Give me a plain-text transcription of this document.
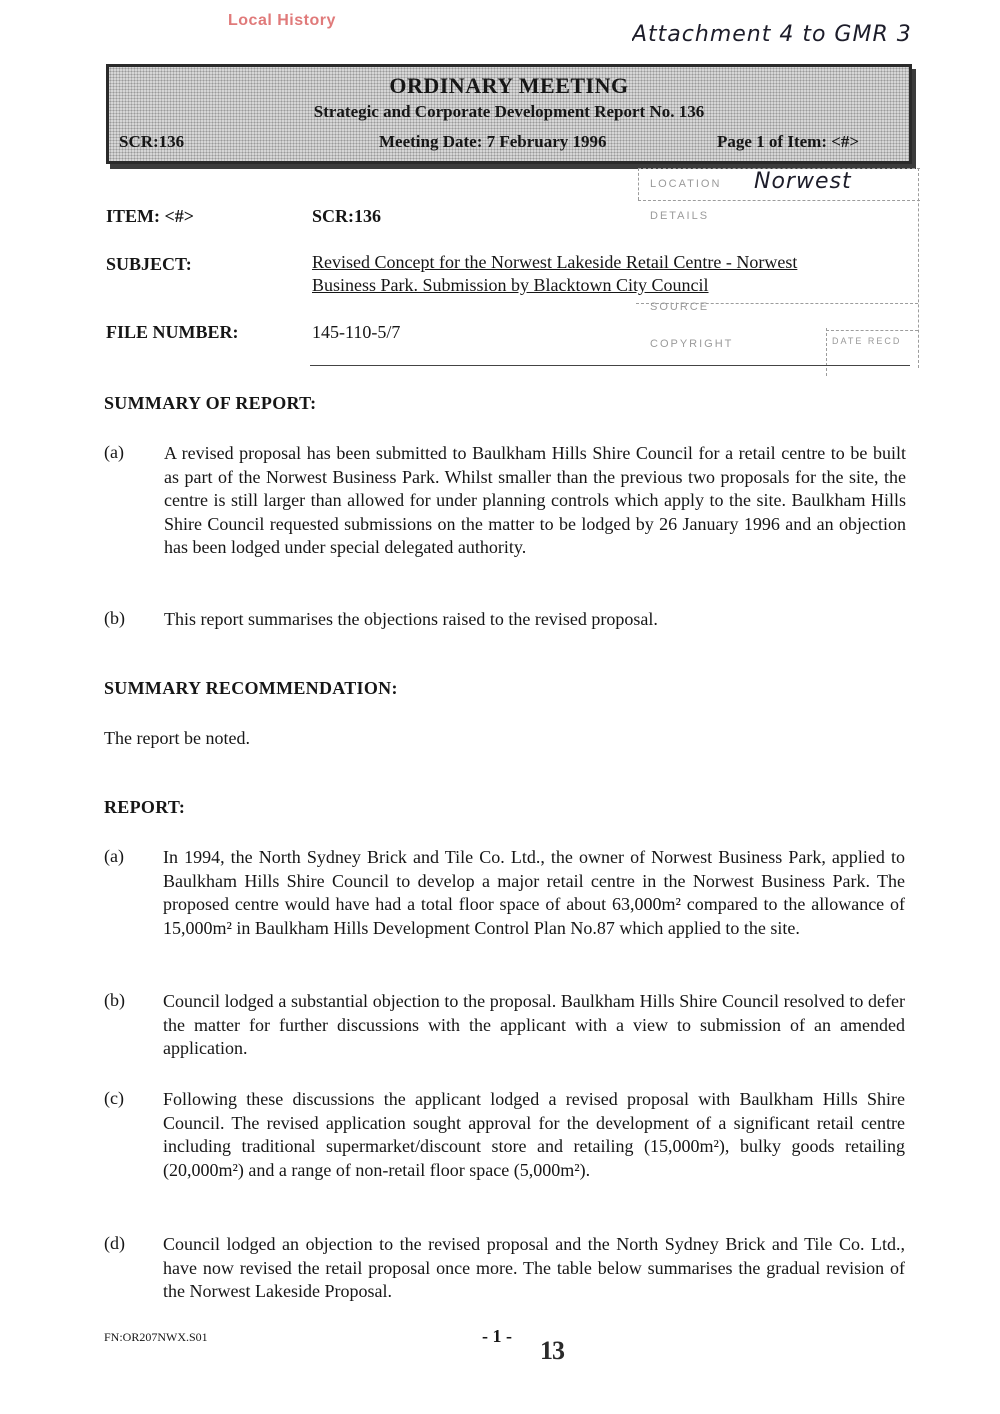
Local History
Attachment 4 to GMR 3
ORDINARY MEETING
Strategic and Corporate Development Report No. 136
SCR:136	Meeting Date: 7 February 1996	Page 1 of Item: <#>
LOCATION Norwest
DETAILS
SOURCE
COPYRIGHT	DATE RECD
ITEM: <#>	SCR:136
SUBJECT:	Revised Concept for the Norwest Lakeside Retail Centre - Norwest
Business Park. Submission by Blacktown City Council
FILE NUMBER:	145-110-5/7
SUMMARY OF REPORT:
(a) A revised proposal has been submitted to Baulkham Hills Shire Council for a retail centre to be built as part of the Norwest Business Park. Whilst smaller than the previous two proposals for the site, the centre is still larger than allowed for under planning controls which apply to the site. Baulkham Hills Shire Council requested submissions on the matter to be lodged by 26 January 1996 and an objection has been lodged under special delegated authority.
(b) This report summarises the objections raised to the revised proposal.
SUMMARY RECOMMENDATION:
The report be noted.
REPORT:
(a) In 1994, the North Sydney Brick and Tile Co. Ltd., the owner of Norwest Business Park, applied to Baulkham Hills Shire Council to develop a major retail centre in the Norwest Business Park. The proposed centre would have had a total floor space of about 63,000m² compared to the allowance of 15,000m² in Baulkham Hills Development Control Plan No.87 which applied to the site.
(b) Council lodged a substantial objection to the proposal. Baulkham Hills Shire Council resolved to defer the matter for further discussions with the applicant with a view to submission of an amended application.
(c) Following these discussions the applicant lodged a revised proposal with Baulkham Hills Shire Council. The revised application sought approval for the development of a significant retail centre including traditional supermarket/discount store and retailing (15,000m²), bulky goods retailing (20,000m²) and a range of non-retail floor space (5,000m²).
(d) Council lodged an objection to the revised proposal and the North Sydney Brick and Tile Co. Ltd., have now revised the retail proposal once more. The table below summarises the gradual revision of the Norwest Lakeside Proposal.
FN:OR207NWX.S01	- 1 - 13
